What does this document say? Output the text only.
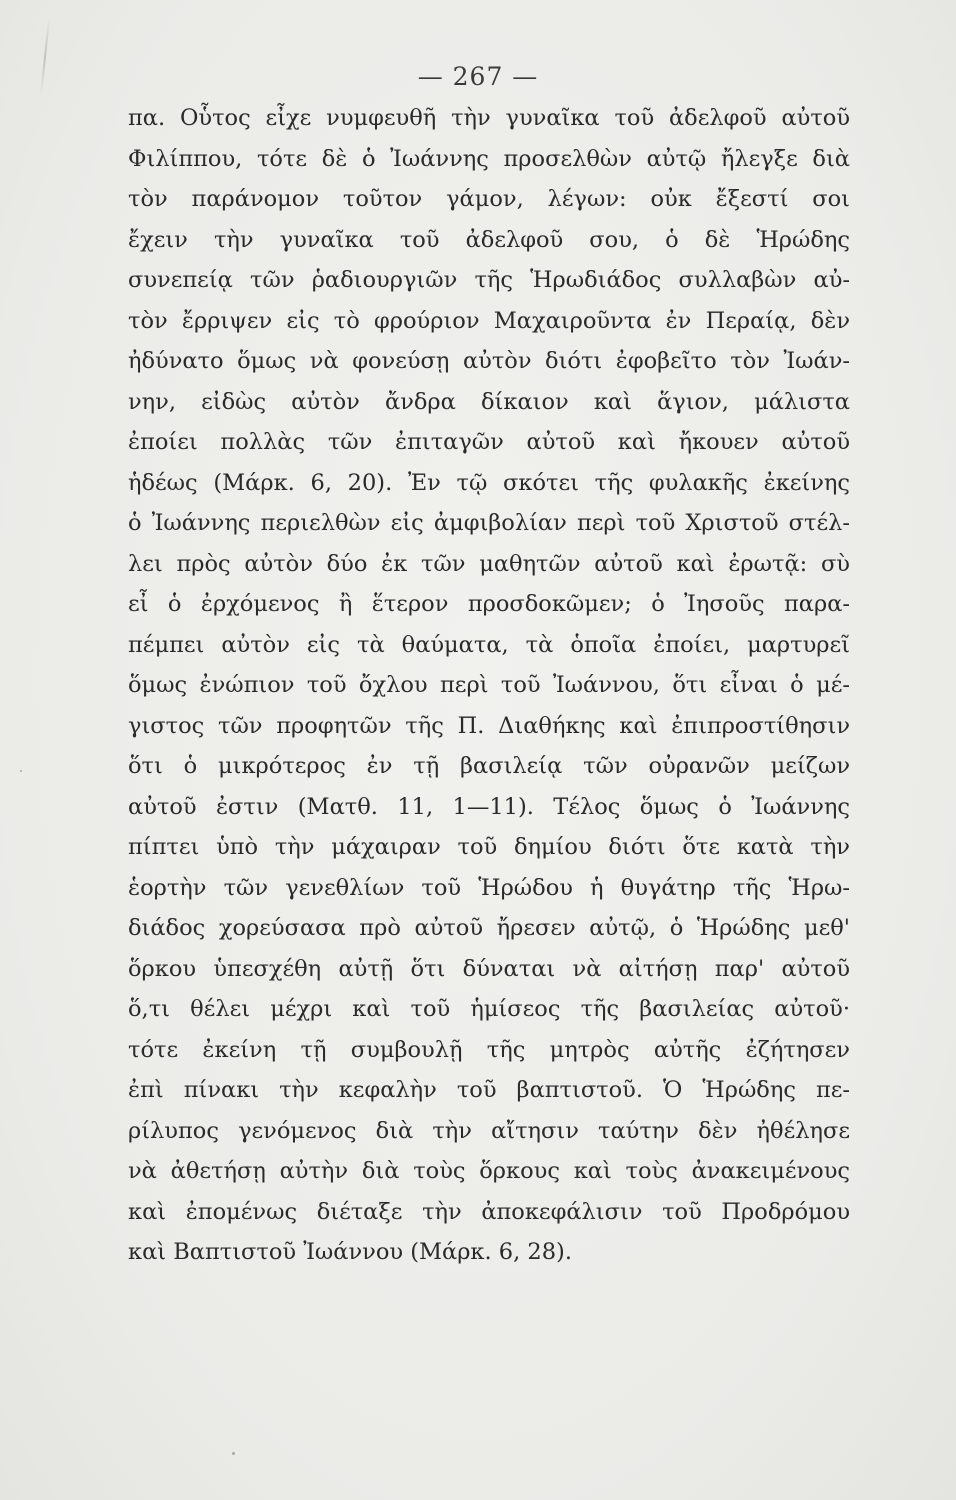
— 267 —
πα. Οὗτος εἶχε νυμφευθῆ τὴν γυναῖκα τοῦ ἀδελφοῦ αὐτοῦ
Φιλίππου, τότε δὲ ὁ Ἰωάννης προσελθὼν αὐτῷ ἤλεγξε διὰ
τὸν παράνομον τοῦτον γάμον, λέγων: οὐκ ἔξεστί σοι
ἔχειν τὴν γυναῖκα τοῦ ἀδελφοῦ σου, ὁ δὲ Ἡρώδης
συνεπείᾳ τῶν ῥαδιουργιῶν τῆς Ἡρωδιάδος συλλαβὼν αὐ-
τὸν ἔρριψεν εἰς τὸ φρούριον Μαχαιροῦντα ἐν Περαίᾳ, δὲν
ἠδύνατο ὅμως νὰ φονεύσῃ αὐτὸν διότι ἐφοβεῖτο τὸν Ἰωάν-
νην, εἰδὼς αὐτὸν ἄνδρα δίκαιον καὶ ἅγιον, μάλιστα
ἐποίει πολλὰς τῶν ἐπιταγῶν αὐτοῦ καὶ ἤκουεν αὐτοῦ
ἡδέως (Μάρκ. 6, 20). Ἐν τῷ σκότει τῆς φυλακῆς ἐκείνης
ὁ Ἰωάννης περιελθὼν εἰς ἀμφιβολίαν περὶ τοῦ Χριστοῦ στέλ-
λει πρὸς αὐτὸν δύο ἐκ τῶν μαθητῶν αὐτοῦ καὶ ἐρωτᾷ: σὺ
εἶ ὁ ἐρχόμενος ἢ ἕτερον προσδοκῶμεν; ὁ Ἰησοῦς παρα-
πέμπει αὐτὸν εἰς τὰ θαύματα, τὰ ὁποῖα ἐποίει, μαρτυρεῖ
ὅμως ἐνώπιον τοῦ ὄχλου περὶ τοῦ Ἰωάννου, ὅτι εἶναι ὁ μέ-
γιστος τῶν προφητῶν τῆς Π. Διαθήκης καὶ ἐπιπροστίθησιν
ὅτι ὁ μικρότερος ἐν τῇ βασιλείᾳ τῶν οὐρανῶν μείζων
αὐτοῦ ἐστιν (Ματθ. 11, 1—11). Τέλος ὅμως ὁ Ἰωάννης
πίπτει ὑπὸ τὴν μάχαιραν τοῦ δημίου διότι ὅτε κατὰ τὴν
ἑορτὴν τῶν γενεθλίων τοῦ Ἡρώδου ἡ θυγάτηρ τῆς Ἡρω-
διάδος χορεύσασα πρὸ αὐτοῦ ἤρεσεν αὐτῷ, ὁ Ἡρώδης μεθ'
ὅρκου ὑπεσχέθη αὐτῇ ὅτι δύναται νὰ αἰτήσῃ παρ' αὐτοῦ
ὅ,τι θέλει μέχρι καὶ τοῦ ἡμίσεος τῆς βασιλείας αὐτοῦ·
τότε ἐκείνη τῇ συμβουλῇ τῆς μητρὸς αὐτῆς ἐζήτησεν
ἐπὶ πίνακι τὴν κεφαλὴν τοῦ βαπτιστοῦ. Ὁ Ἡρώδης πε-
ρίλυπος γενόμενος διὰ τὴν αἴτησιν ταύτην δὲν ἠθέλησε
νὰ ἀθετήσῃ αὐτὴν διὰ τοὺς ὅρκους καὶ τοὺς ἀνακειμένους
καὶ ἐπομένως διέταξε τὴν ἀποκεφάλισιν τοῦ Προδρόμου
καὶ Βαπτιστοῦ Ἰωάννου (Μάρκ. 6, 28).
